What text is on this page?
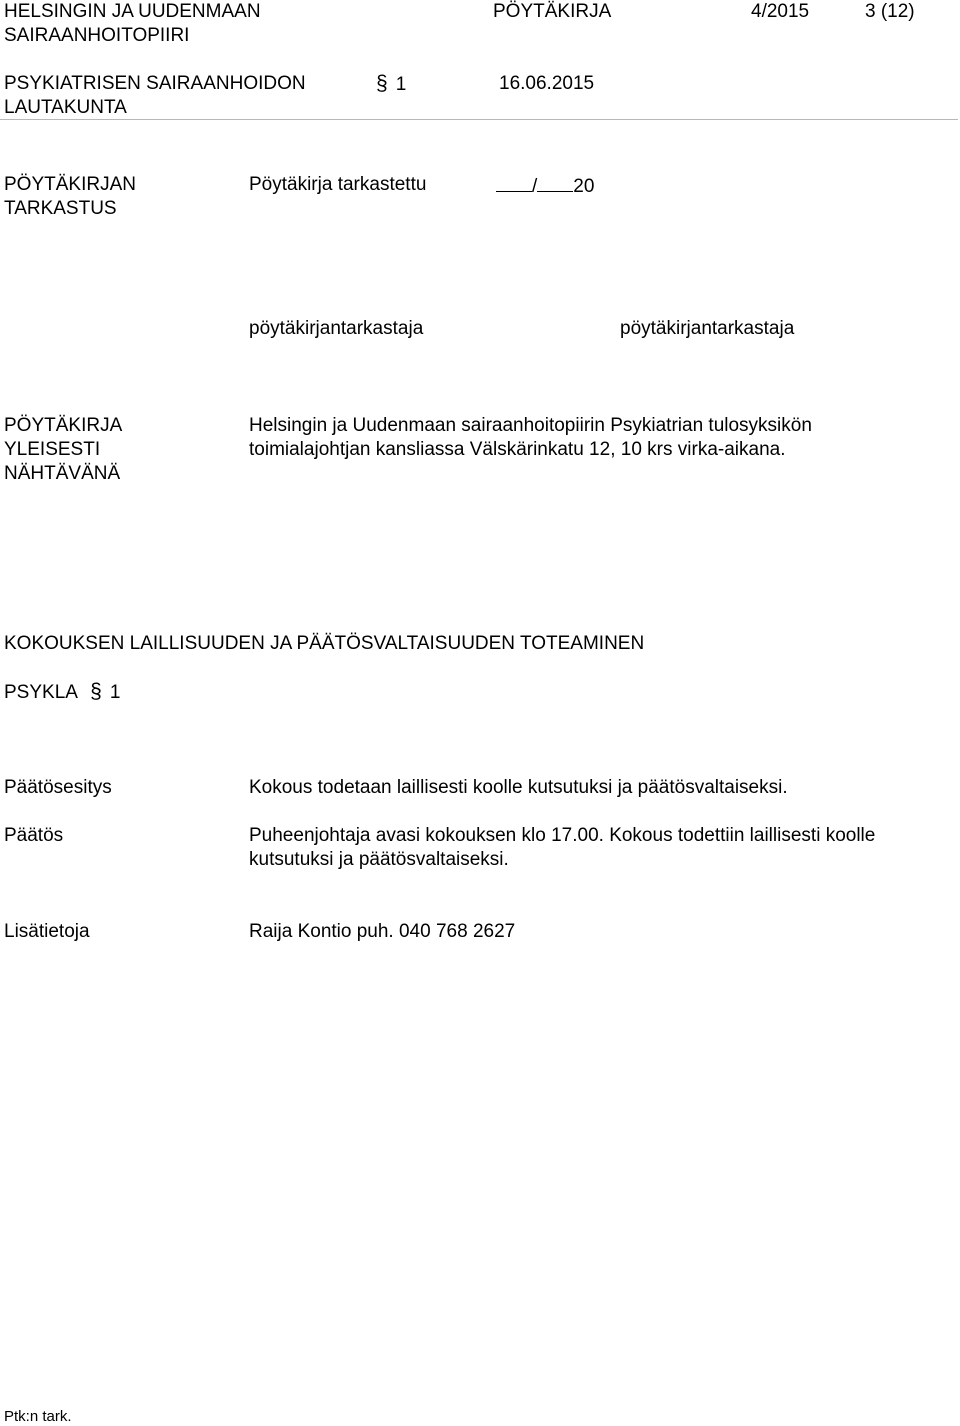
HELSINGIN JA UUDENMAAN
SAIRAANHOITOPIIRI
PÖYTÄKIRJA	4/2015	3 (12)
PSYKIATRISEN SAIRAANHOIDON
LAUTAKUNTA
§ 1	16.06.2015
PÖYTÄKIRJAN
TARKASTUS
Pöytäkirja tarkastettu	/ 20
pöytäkirjantarkastaja	pöytäkirjantarkastaja
PÖYTÄKIRJA
YLEISESTI
NÄHTÄVÄNÄ
Helsingin ja Uudenmaan sairaanhoitopiirin Psykiatrian tulosyksikön
toimialajohtjan kansliassa Välskärinkatu 12, 10 krs virka-aikana.
KOKOUKSEN LAILLISUUDEN JA PÄÄTÖSVALTAISUUDEN TOTEAMINEN
PSYKLA § 1
Päätösesitys	Kokous todetaan laillisesti koolle kutsutuksi ja päätösvaltaiseksi.
Päätös	Puheenjohtaja avasi kokouksen klo 17.00. Kokous todettiin laillisesti koolle
kutsutuksi ja päätösvaltaiseksi.
Lisätietoja	Raija Kontio puh. 040 768 2627
Ptk:n tark.
